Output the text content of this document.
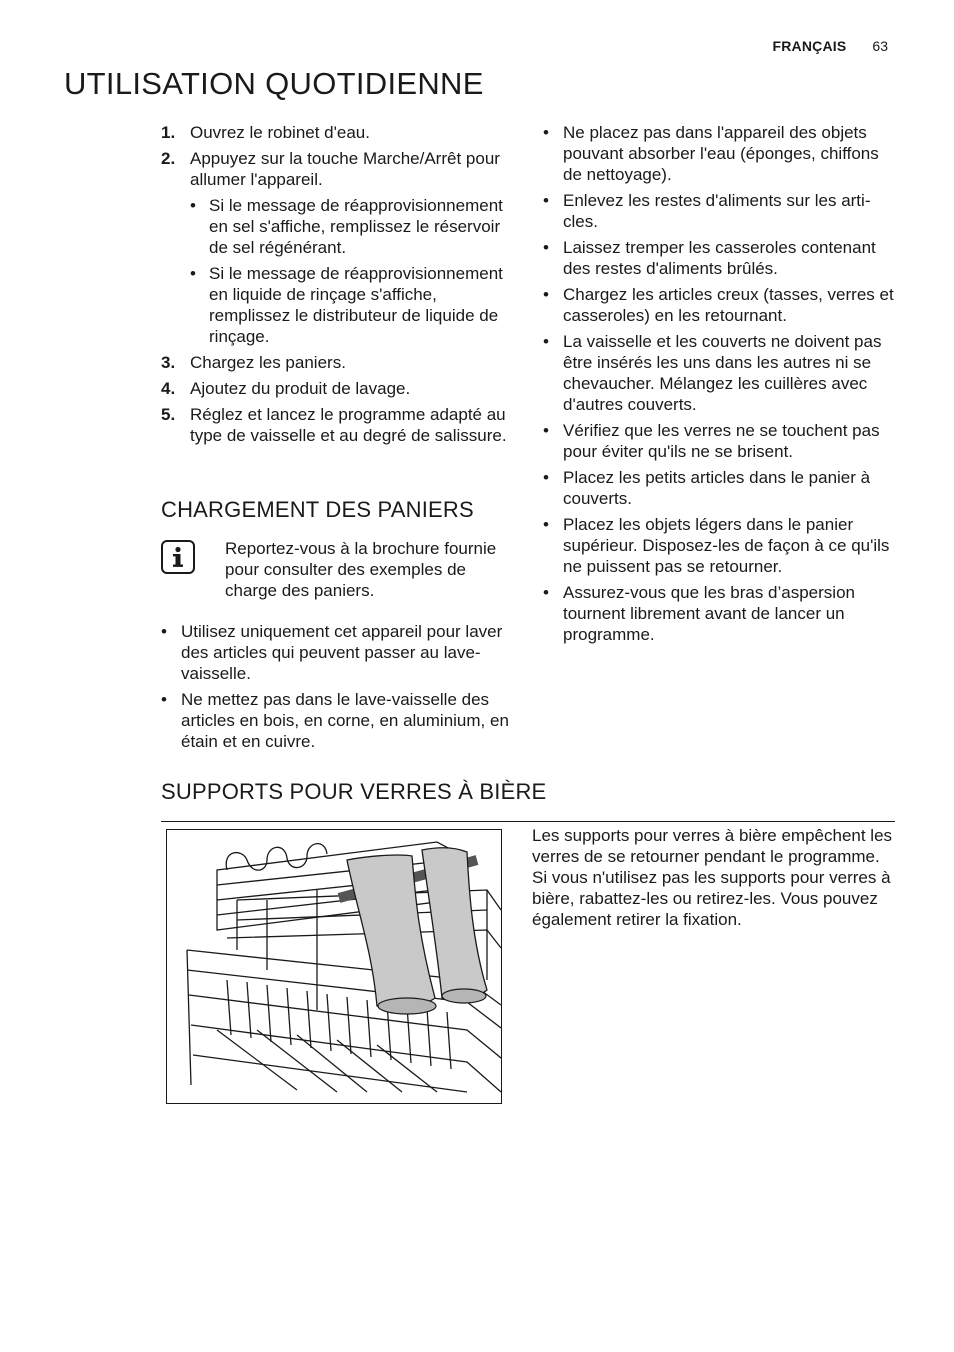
FRANÇAIS 63
UTILISATION QUOTIDIENNE
1. Ouvrez le robinet d'eau.
2. Appuyez sur la touche Marche/Arrêt pour allumer l'appareil.
• Si le message de réapprovisionnement en sel s'affiche, remplissez le réservoir de sel régénérant.
• Si le message de réapprovisionnement en liquide de rinçage s'affiche, remplissez le distributeur de liquide de rinçage.
3. Chargez les paniers.
4. Ajoutez du produit de lavage.
5. Réglez et lancez le programme adapté au type de vaisselle et au degré de salissure.
CHARGEMENT DES PANIERS
Reportez-vous à la brochure fournie pour consulter des exemples de charge des paniers.
• Utilisez uniquement cet appareil pour laver des articles qui peuvent passer au lave-vaisselle.
• Ne mettez pas dans le lave-vaisselle des articles en bois, en corne, en aluminium, en étain et en cuivre.
• Ne placez pas dans l'appareil des objets pouvant absorber l'eau (éponges, chiffons de nettoyage).
• Enlevez les restes d'aliments sur les articles.
• Laissez tremper les casseroles contenant des restes d'aliments brûlés.
• Chargez les articles creux (tasses, verres et casseroles) en les retournant.
• La vaisselle et les couverts ne doivent pas être insérés les uns dans les autres ni se chevaucher. Mélangez les cuillères avec d'autres couverts.
• Vérifiez que les verres ne se touchent pas pour éviter qu'ils ne se brisent.
• Placez les petits articles dans le panier à couverts.
• Placez les objets légers dans le panier supérieur. Disposez-les de façon à ce qu'ils ne puissent pas se retourner.
• Assurez-vous que les bras d’aspersion tournent librement avant de lancer un programme.
SUPPORTS POUR VERRES À BIÈRE
Les supports pour verres à bière empêchent les verres de se retourner pendant le programme.
Si vous n'utilisez pas les supports pour verres à bière, rabattez-les ou retirez-les. Vous pouvez également retirer la fixation.
